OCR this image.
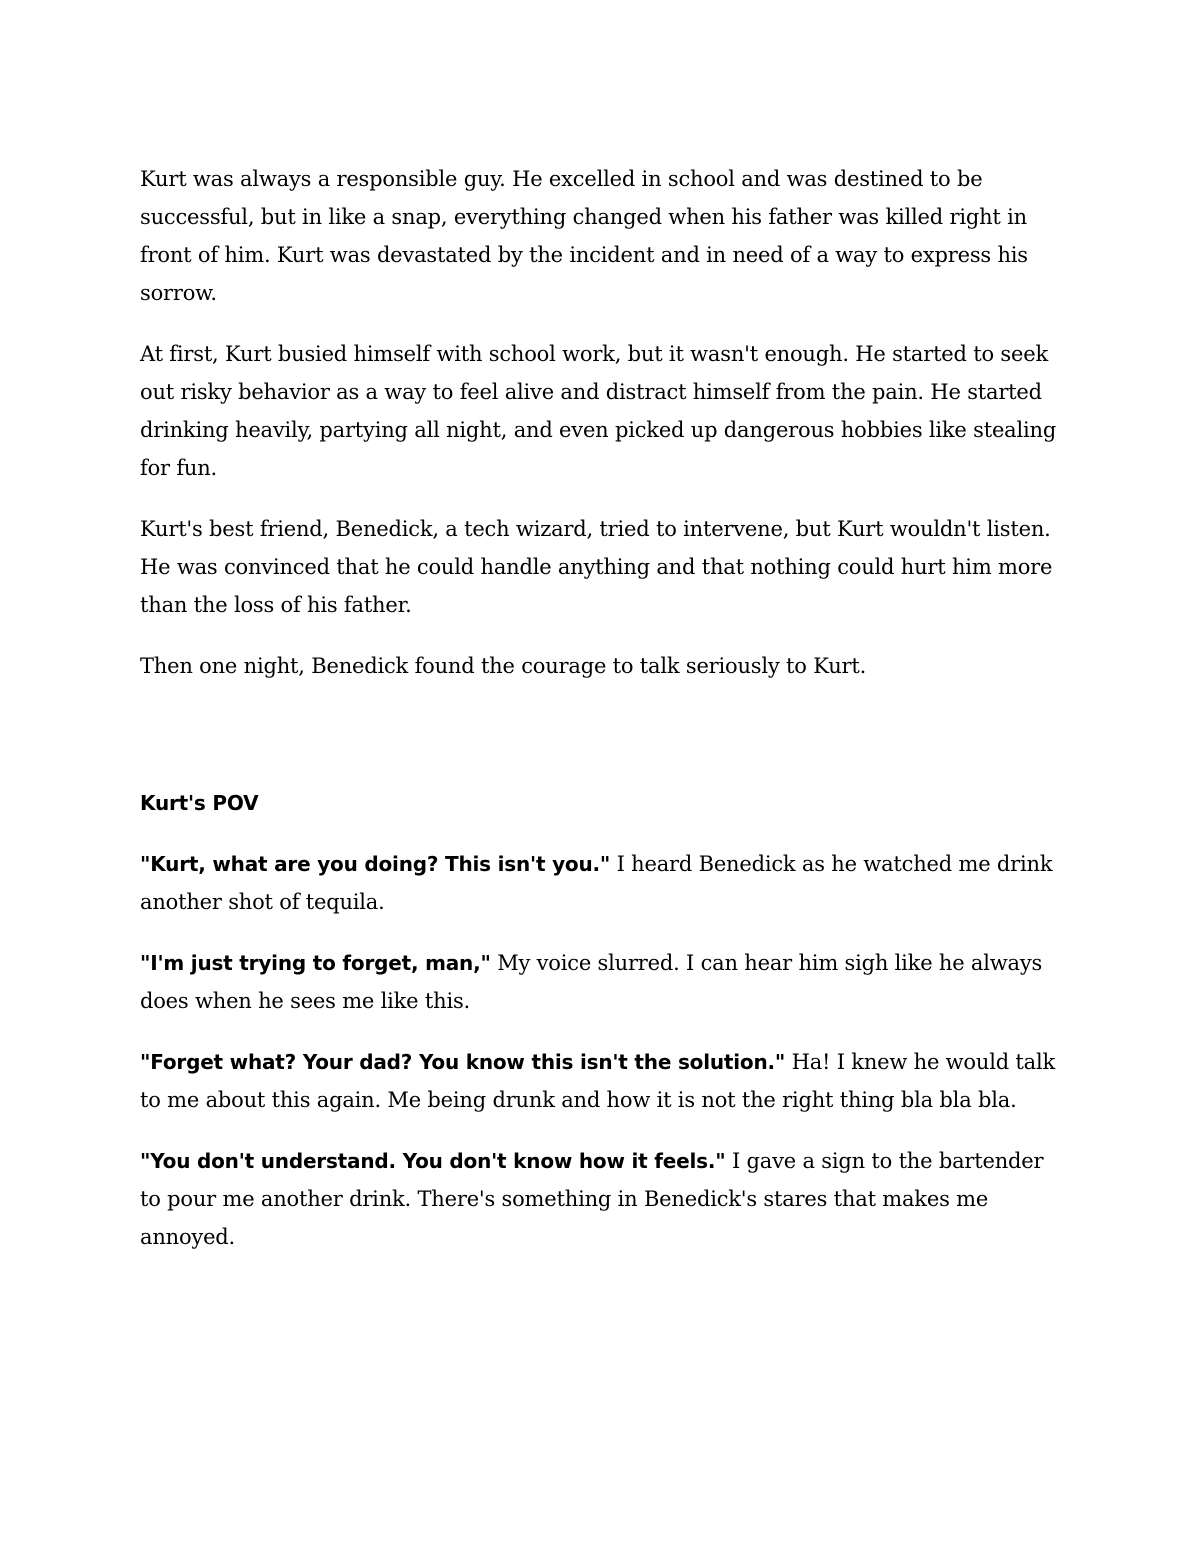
Kurt was always a responsible guy. He excelled in school and was destined to be successful, but in like a snap, everything changed when his father was killed right in front of him. Kurt was devastated by the incident and in need of a way to express his sorrow.

At first, Kurt busied himself with school work, but it wasn't enough. He started to seek out risky behavior as a way to feel alive and distract himself from the pain. He started drinking heavily, partying all night, and even picked up dangerous hobbies like stealing for fun.

Kurt's best friend, Benedick, a tech wizard, tried to intervene, but Kurt wouldn't listen. He was convinced that he could handle anything and that nothing could hurt him more than the loss of his father.

Then one night, Benedick found the courage to talk seriously to Kurt.

Kurt's POV

"Kurt, what are you doing? This isn't you." I heard Benedick as he watched me drink another shot of tequila.

"I'm just trying to forget, man," My voice slurred. I can hear him sigh like he always does when he sees me like this.

"Forget what? Your dad? You know this isn't the solution." Ha! I knew he would talk to me about this again. Me being drunk and how it is not the right thing bla bla bla.

"You don't understand. You don't know how it feels." I gave a sign to the bartender to pour me another drink. There's something in Benedick's stares that makes me annoyed.
